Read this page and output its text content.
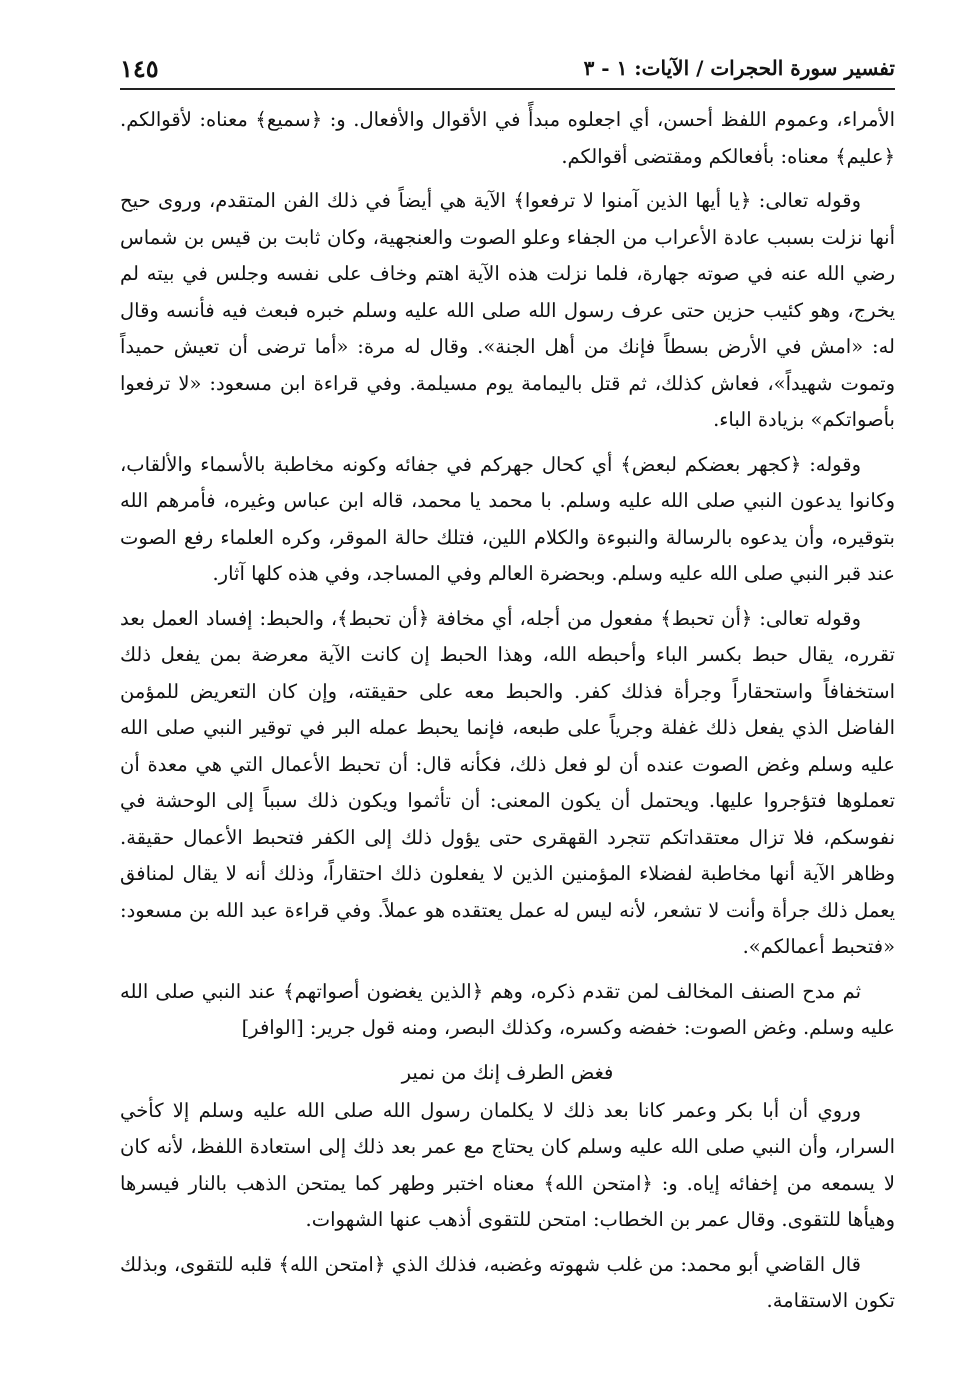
تفسير سورة الحجرات / الآيات: ١ - ٣
١٤٥

الأمراء، وعموم اللفظ أحسن، أي اجعلوه مبدأً في الأقوال والأفعال. و: ﴿سميع﴾ معناه: لأقوالكم. ﴿عليم﴾ معناه: بأفعالكم ومقتضى أقوالكم.

وقوله تعالى: ﴿يا أيها الذين آمنوا لا ترفعوا﴾ الآية هي أيضاً في ذلك الفن المتقدم، وروى حيح أنها نزلت بسبب عادة الأعراب من الجفاء وعلو الصوت والعنجهية، وكان ثابت بن قيس بن شماس رضي الله عنه في صوته جهارة، فلما نزلت هذه الآية اهتم وخاف على نفسه وجلس في بيته لم يخرج، وهو كئيب حزين حتى عرف رسول الله صلى الله عليه وسلم خبره فبعث فيه فأنسه وقال له: «امش في الأرض بسطاً فإنك من أهل الجنة». وقال له مرة: «أما ترضى أن تعيش حميداً وتموت شهيداً»، فعاش كذلك، ثم قتل باليمامة يوم مسيلمة. وفي قراءة ابن مسعود: «لا ترفعوا بأصواتكم» بزيادة الباء.

وقوله: ﴿كجهر بعضكم لبعض﴾ أي كحال جهركم في جفائه وكونه مخاطبة بالأسماء والألقاب، وكانوا يدعون النبي صلى الله عليه وسلم. با محمد يا محمد، قاله ابن عباس وغيره، فأمرهم الله بتوقيره، وأن يدعوه بالرسالة والنبوءة والكلام اللين، فتلك حالة الموقر، وكره العلماء رفع الصوت عند قبر النبي صلى الله عليه وسلم. وبحضرة العالم وفي المساجد، وفي هذه كلها آثار.

وقوله تعالى: ﴿أن تحبط﴾ مفعول من أجله، أي مخافة ﴿أن تحبط﴾، والحبط: إفساد العمل بعد تقرره، يقال حبط بكسر الباء وأحبطه الله، وهذا الحبط إن كانت الآية معرضة بمن يفعل ذلك استخفافاً واستحقاراً وجرأة فذلك كفر. والحبط معه على حقيقته، وإن كان التعريض للمؤمن الفاضل الذي يفعل ذلك غفلة وجرياً على طبعه، فإنما يحبط عمله البر في توقير النبي صلى الله عليه وسلم وغض الصوت عنده أن لو فعل ذلك، فكأنه قال: أن تحبط الأعمال التي هي معدة أن تعملوها فتؤجروا عليها. ويحتمل أن يكون المعنى: أن تأثموا ويكون ذلك سبباً إلى الوحشة في نفوسكم، فلا تزال معتقداتكم تتجرد القهقرى حتى يؤول ذلك إلى الكفر فتحبط الأعمال حقيقة. وظاهر الآية أنها مخاطبة لفضلاء المؤمنين الذين لا يفعلون ذلك احتقاراً، وذلك أنه لا يقال لمنافق يعمل ذلك جرأة وأنت لا تشعر، لأنه ليس له عمل يعتقده هو عملاً. وفي قراءة عبد الله بن مسعود: «فتحبط أعمالكم».

ثم مدح الصنف المخالف لمن تقدم ذكره، وهم ﴿الذين يغضون أصواتهم﴾ عند النبي صلى الله عليه وسلم. وغض الصوت: خفضه وكسره، وكذلك البصر، ومنه قول جرير: [الوافر]

فغض الطرف إنك من نمير

وروي أن أبا بكر وعمر كانا بعد ذلك لا يكلمان رسول الله صلى الله عليه وسلم إلا كأخي السرار، وأن النبي صلى الله عليه وسلم كان يحتاج مع عمر بعد ذلك إلى استعادة اللفظ، لأنه كان لا يسمعه من إخفائه إياه. و: ﴿امتحن الله﴾ معناه اختبر وطهر كما يمتحن الذهب بالنار فيسرها وهيأها للتقوى. وقال عمر بن الخطاب: امتحن للتقوى أذهب عنها الشهوات.

قال القاضي أبو محمد: من غلب شهوته وغضبه، فذلك الذي ﴿امتحن الله﴾ قلبه للتقوى، وبذلك تكون الاستقامة.
